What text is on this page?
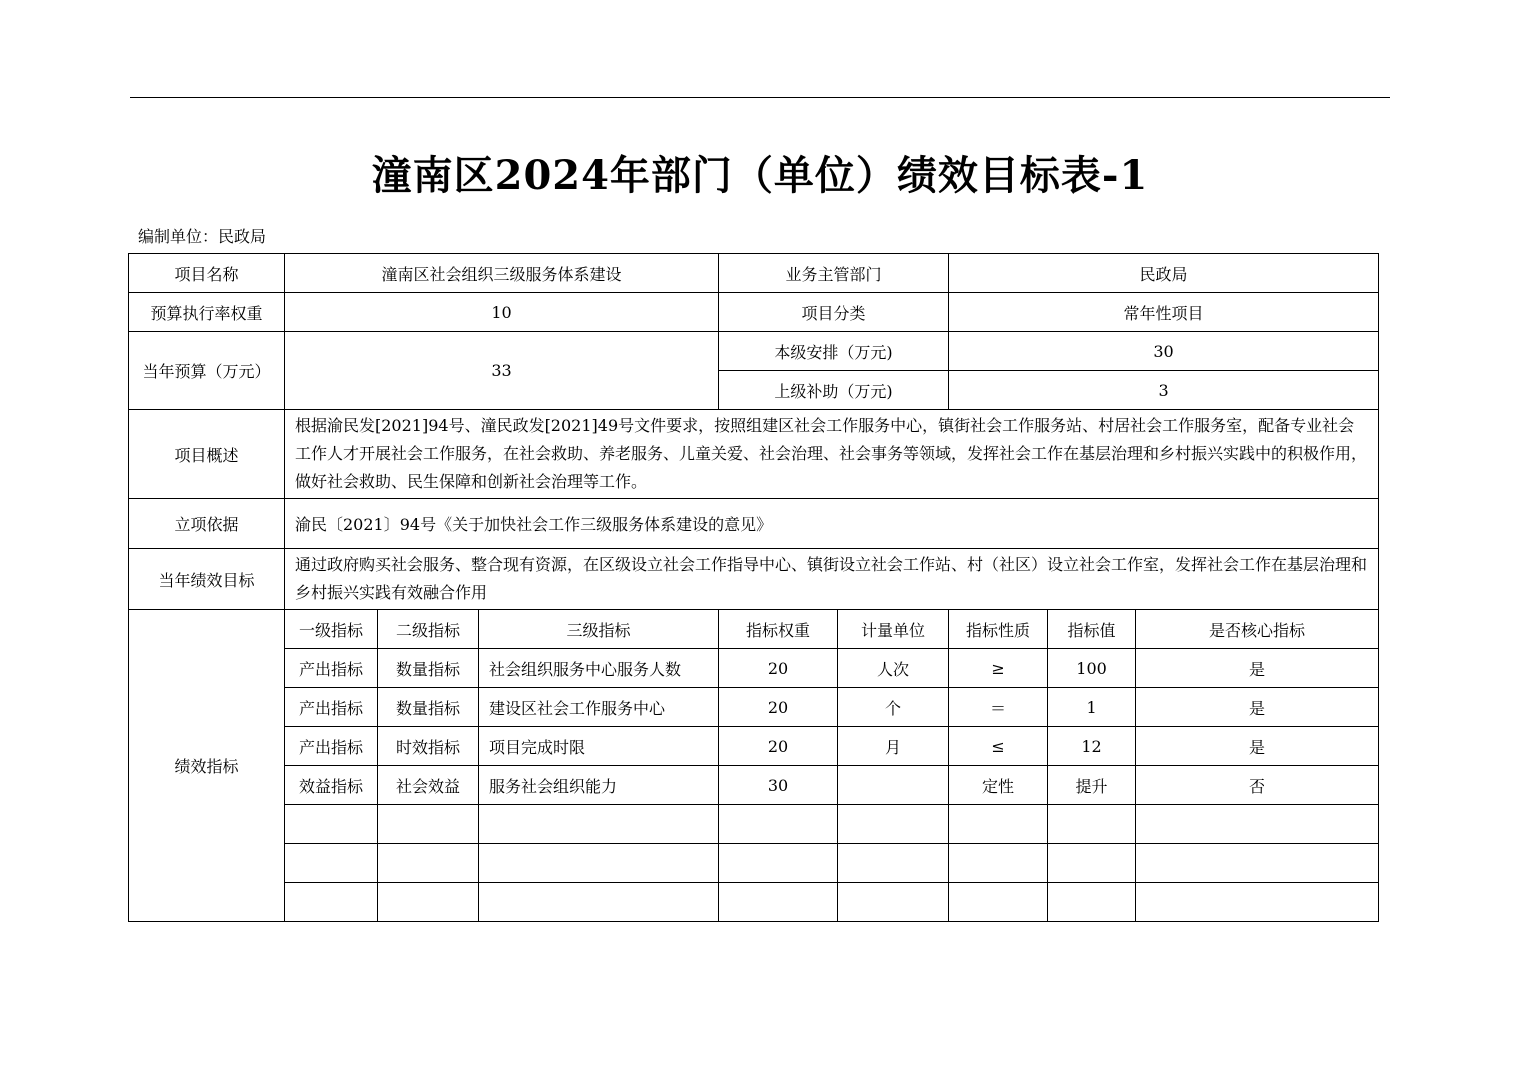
潼南区2024年部门（单位）绩效目标表-1
编制单位：民政局
项目名称	潼南区社会组织三级服务体系建设			业务主管部门		民政局		
预算执行率权重	10			项目分类		常年性项目		
当年预算（万元）	33			本级安排（万元)		30		
				上级补助（万元)		3		
项目概述	根据渝民发[2021]94号、潼民政发[2021]49号文件要求，按照组建区社会工作服务中心，镇街社会工作服务站、村居社会工作服务室，配备专业社会工作人才开展社会工作服务，在社会救助、养老服务、儿童关爱、社会治理、社会事务等领域，发挥社会工作在基层治理和乡村振兴实践中的积极作用，做好社会救助、民生保障和创新社会治理等工作。							
立项依据	渝民〔2021〕94号《关于加快社会工作三级服务体系建设的意见》							
当年绩效目标	通过政府购买社会服务、整合现有资源，在区级设立社会工作指导中心、镇街设立社会工作站、村（社区）设立社会工作室，发挥社会工作在基层治理和乡村振兴实践有效融合作用							
绩效指标	一级指标	二级指标	三级指标	指标权重	计量单位	指标性质	指标值	是否核心指标
	产出指标	数量指标	社会组织服务中心服务人数	20	人次	≥	100	是
	产出指标	数量指标	建设区社会工作服务中心	20	个	＝	1	是
	产出指标	时效指标	项目完成时限	20	月	≤	12	是
	效益指标	社会效益	服务社会组织能力	30		定性	提升	否
